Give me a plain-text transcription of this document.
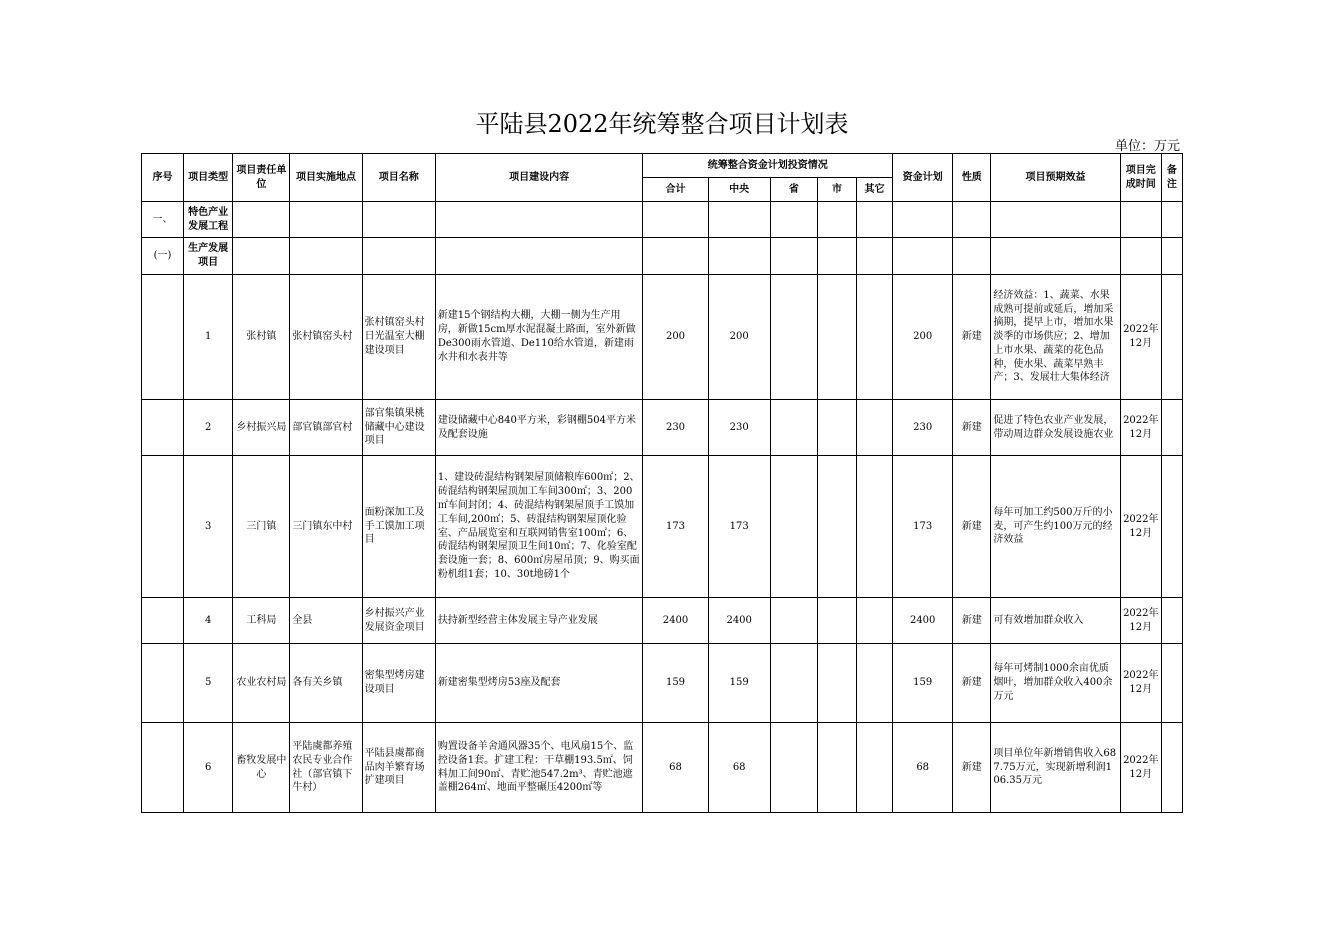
平陆县2022年统筹整合项目计划表
单位：万元
序号	项目类型	项目责任单位	项目实施地点	项目名称	项目建设内容	统筹整合资金计划投资情况					资金计划	性质	项目预期效益	项目完成时间	备注
						合计	中央	省	市	其它					
一、	特色产业发展工程														
(一)	生产发展项目														
	1	张村镇	张村镇窑头村	张村镇窑头村日光温室大棚建设项目	新建15个钢结构大棚，大棚一侧为生产用房，新做15cm厚水泥混凝土路面，室外新做De300雨水管道、De110给水管道，新建雨水井和水表井等	200	200				200	新建	经济效益：1、蔬菜、水果成熟可提前或延后，增加采摘期，提早上市，增加水果淡季的市场供应；2、增加上市水果、蔬菜的花色品种，使水果、蔬菜早熟丰产；3、发展壮大集体经济	2022年12月	
	2	乡村振兴局	部官镇部官村	部官集镇果桃储藏中心建设项目	建设储藏中心840平方米，彩钢棚504平方米及配套设施	230	230				230	新建	促进了特色农业产业发展，带动周边群众发展设施农业	2022年12月	
	3	三门镇	三门镇东中村	面粉深加工及手工馍加工项目	1、建设砖混结构钢架屋顶储粮库600㎡；2、砖混结构钢架屋顶加工车间300㎡；3、200㎡车间封闭；4、砖混结构钢架屋顶手工馍加工车间,200㎡；5、砖混结构钢架屋顶化验室、产品展览室和互联网销售室100㎡；6、砖混结构钢架屋顶卫生间10㎡；7、化验室配套设施一套；8、600㎡房屋吊顶；9、购买面粉机组1套；10、30t地磅1个	173	173				173	新建	每年可加工约500万斤的小麦，可产生约100万元的经济效益	2022年12月	
	4	工科局	全县	乡村振兴产业发展资金项目	扶持新型经营主体发展主导产业发展	2400	2400				2400	新建	可有效增加群众收入	2022年12月	
	5	农业农村局	各有关乡镇	密集型烤房建设项目	新建密集型烤房53座及配套	159	159				159	新建	每年可烤制1000余亩优质烟叶，增加群众收入400余万元	2022年12月	
	6	畜牧发展中心	平陆虞都养殖农民专业合作社（部官镇下牛村）	平陆县虞都商品肉羊繁育场扩建项目	购置设备羊舍通风器35个、电风扇15个、监控设备1套。扩建工程：干草棚193.5㎡、饲料加工间90㎡、青贮池547.2m³、青贮池遮盖棚264㎡、地面平整碾压4200㎡等	68	68				68	新建	项目单位年新增销售收入687.75万元，实现新增利润106.35万元	2022年12月	
